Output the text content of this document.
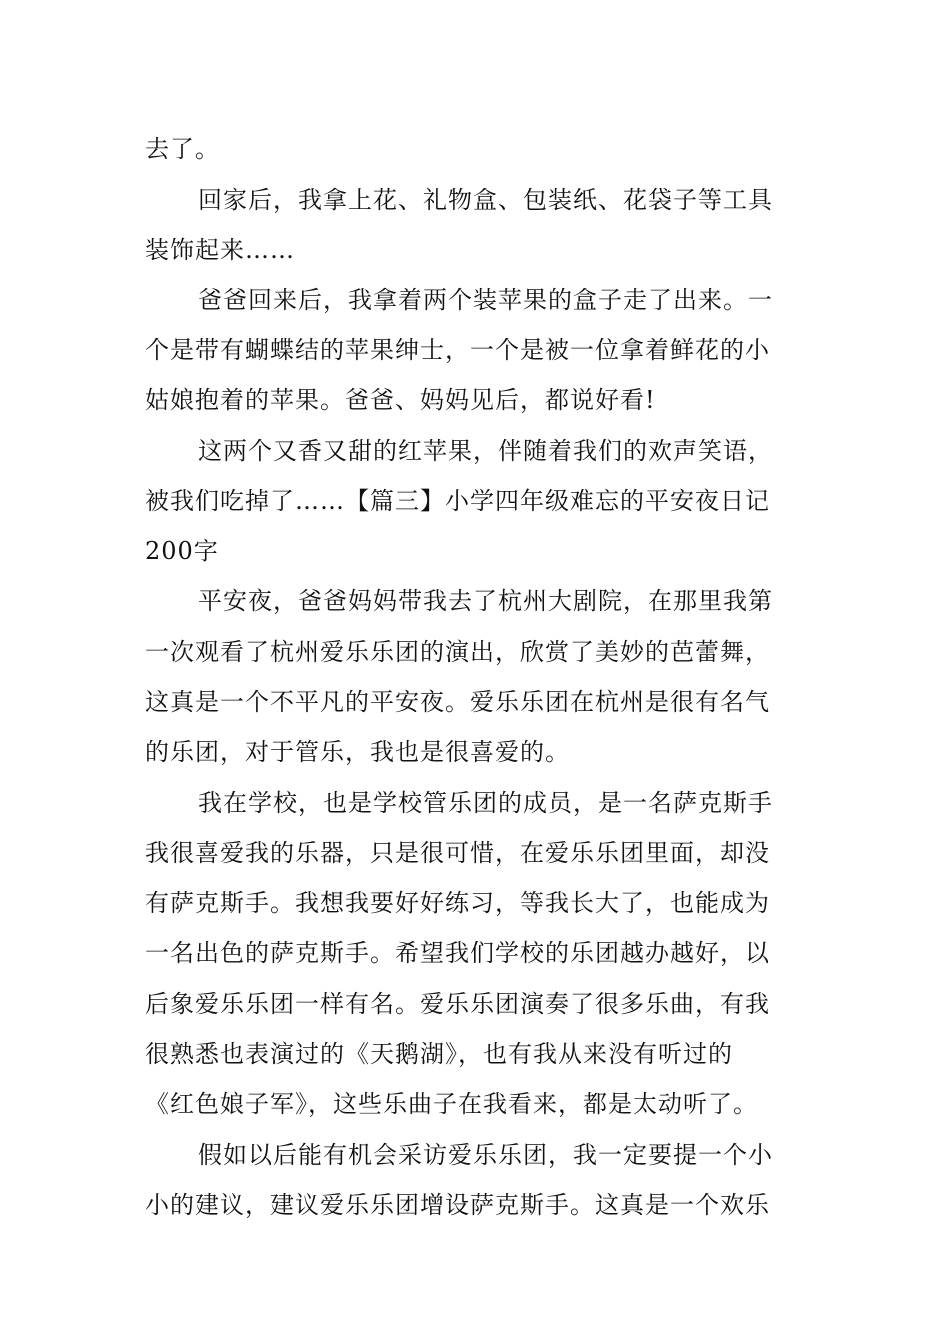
去了。
回家后，我拿上花、礼物盒、包装纸、花袋子等工具
装饰起来……
爸爸回来后，我拿着两个装苹果的盒子走了出来。一
个是带有蝴蝶结的苹果绅士，一个是被一位拿着鲜花的小
姑娘抱着的苹果。爸爸、妈妈见后，都说好看!
这两个又香又甜的红苹果，伴随着我们的欢声笑语，
被我们吃掉了……【篇三】小学四年级难忘的平安夜日记
200字
平安夜，爸爸妈妈带我去了杭州大剧院，在那里我第
一次观看了杭州爱乐乐团的演出，欣赏了美妙的芭蕾舞，
这真是一个不平凡的平安夜。爱乐乐团在杭州是很有名气
的乐团，对于管乐，我也是很喜爱的。
我在学校，也是学校管乐团的成员，是一名萨克斯手
我很喜爱我的乐器，只是很可惜，在爱乐乐团里面，却没
有萨克斯手。我想我要好好练习，等我长大了，也能成为
一名出色的萨克斯手。希望我们学校的乐团越办越好，以
后象爱乐乐团一样有名。爱乐乐团演奏了很多乐曲，有我
很熟悉也表演过的《天鹅湖》，也有我从来没有听过的
《红色娘子军》，这些乐曲子在我看来，都是太动听了。
假如以后能有机会采访爱乐乐团，我一定要提一个小
小的建议，建议爱乐乐团增设萨克斯手。这真是一个欢乐
